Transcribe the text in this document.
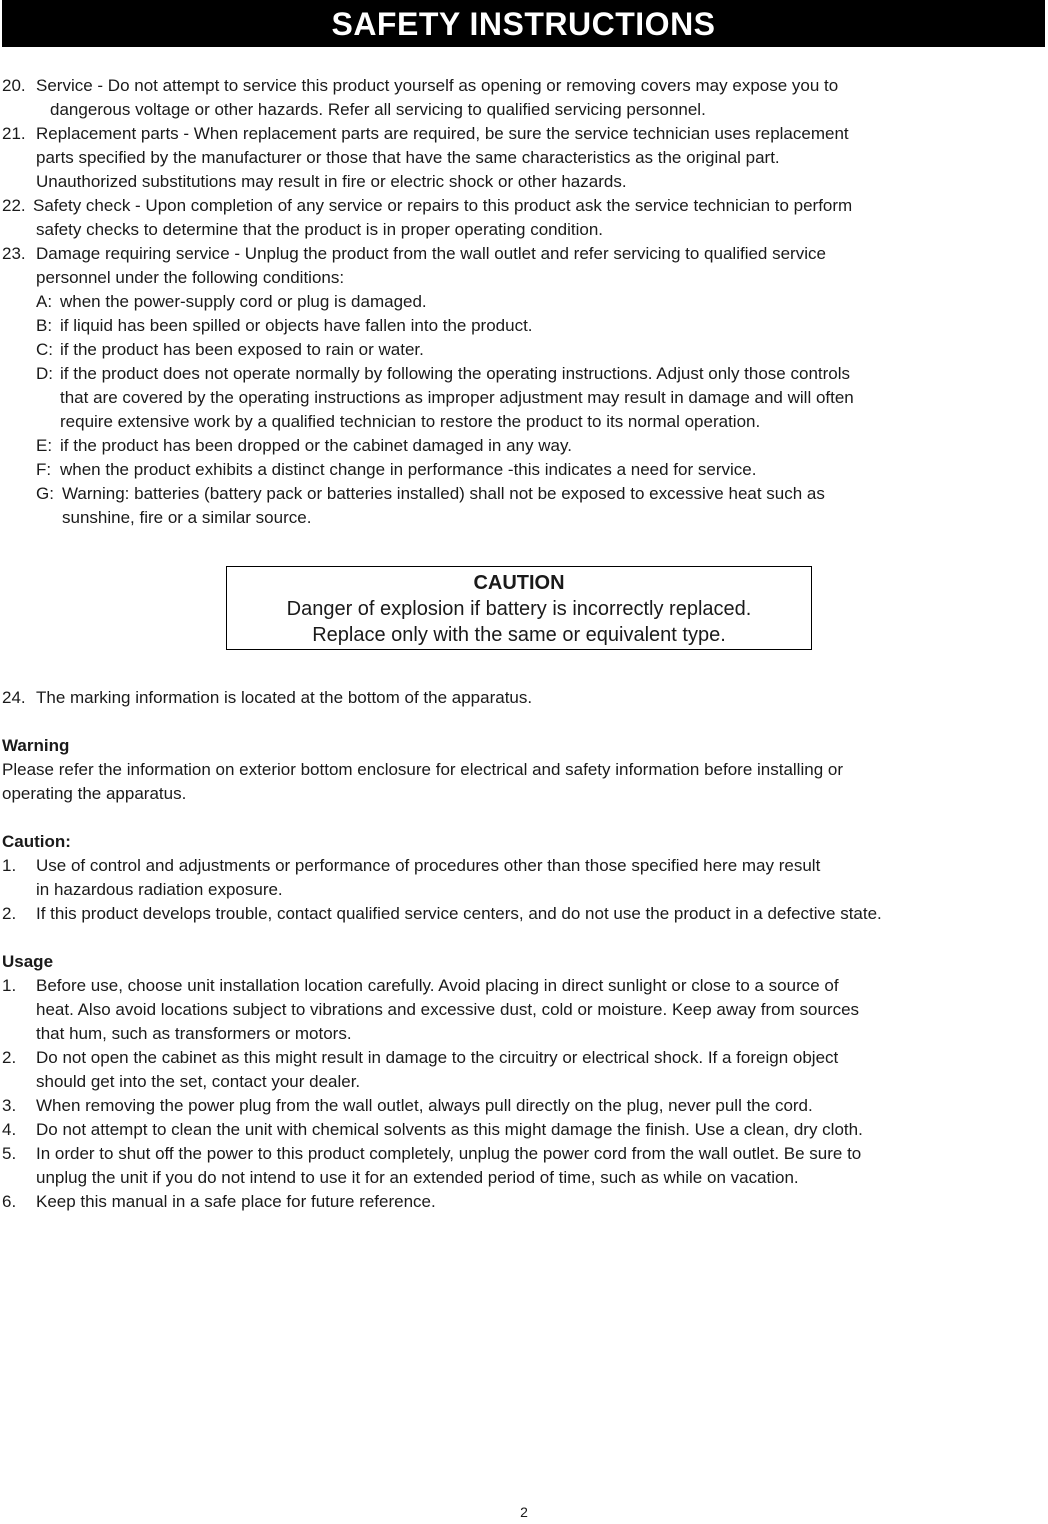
SAFETY INSTRUCTIONS
20. Service - Do not attempt to service this product yourself as opening or removing covers may expose you to
dangerous voltage or other hazards. Refer all servicing to qualified servicing personnel.
21. Replacement parts - When replacement parts are required, be sure the service technician uses replacement
parts specified by the manufacturer or those that have the same characteristics as the original part.
Unauthorized substitutions may result in fire or electric shock or other hazards.
22. Safety check - Upon completion of any service or repairs to this product ask the service technician to perform
safety checks to determine that the product is in proper operating condition.
23. Damage requiring service - Unplug the product from the wall outlet and refer servicing to qualified service
personnel under the following conditions:
A: when the power-supply cord or plug is damaged.
B: if liquid has been spilled or objects have fallen into the product.
C: if the product has been exposed to rain or water.
D: if the product does not operate normally by following the operating instructions. Adjust only those controls
that are covered by the operating instructions as improper adjustment may result in damage and will often
require extensive work by a qualified technician to restore the product to its normal operation.
E: if the product has been dropped or the cabinet damaged in any way.
F: when the product exhibits a distinct change in performance -this indicates a need for service.
G: Warning: batteries (battery pack or batteries installed) shall not be exposed to excessive heat such as
sunshine, fire or a similar source.
CAUTION
Danger of explosion if battery is incorrectly replaced.
Replace only with the same or equivalent type.
24. The marking information is located at the bottom of the apparatus.
Warning
Please refer the information on exterior bottom enclosure for electrical and safety information before installing or
operating the apparatus.
Caution:
1. Use of control and adjustments or performance of procedures other than those specified here may result
in hazardous radiation exposure.
2. If this product develops trouble, contact qualified service centers, and do not use the product in a defective state.
Usage
1. Before use, choose unit installation location carefully. Avoid placing in direct sunlight or close to a source of
heat. Also avoid locations subject to vibrations and excessive dust, cold or moisture. Keep away from sources
that hum, such as transformers or motors.
2. Do not open the cabinet as this might result in damage to the circuitry or electrical shock. If a foreign object
should get into the set, contact your dealer.
3. When removing the power plug from the wall outlet, always pull directly on the plug, never pull the cord.
4. Do not attempt to clean the unit with chemical solvents as this might damage the finish. Use a clean, dry cloth.
5. In order to shut off the power to this product completely, unplug the power cord from the wall outlet. Be sure to
unplug the unit if you do not intend to use it for an extended period of time, such as while on vacation.
6. Keep this manual in a safe place for future reference.
2
